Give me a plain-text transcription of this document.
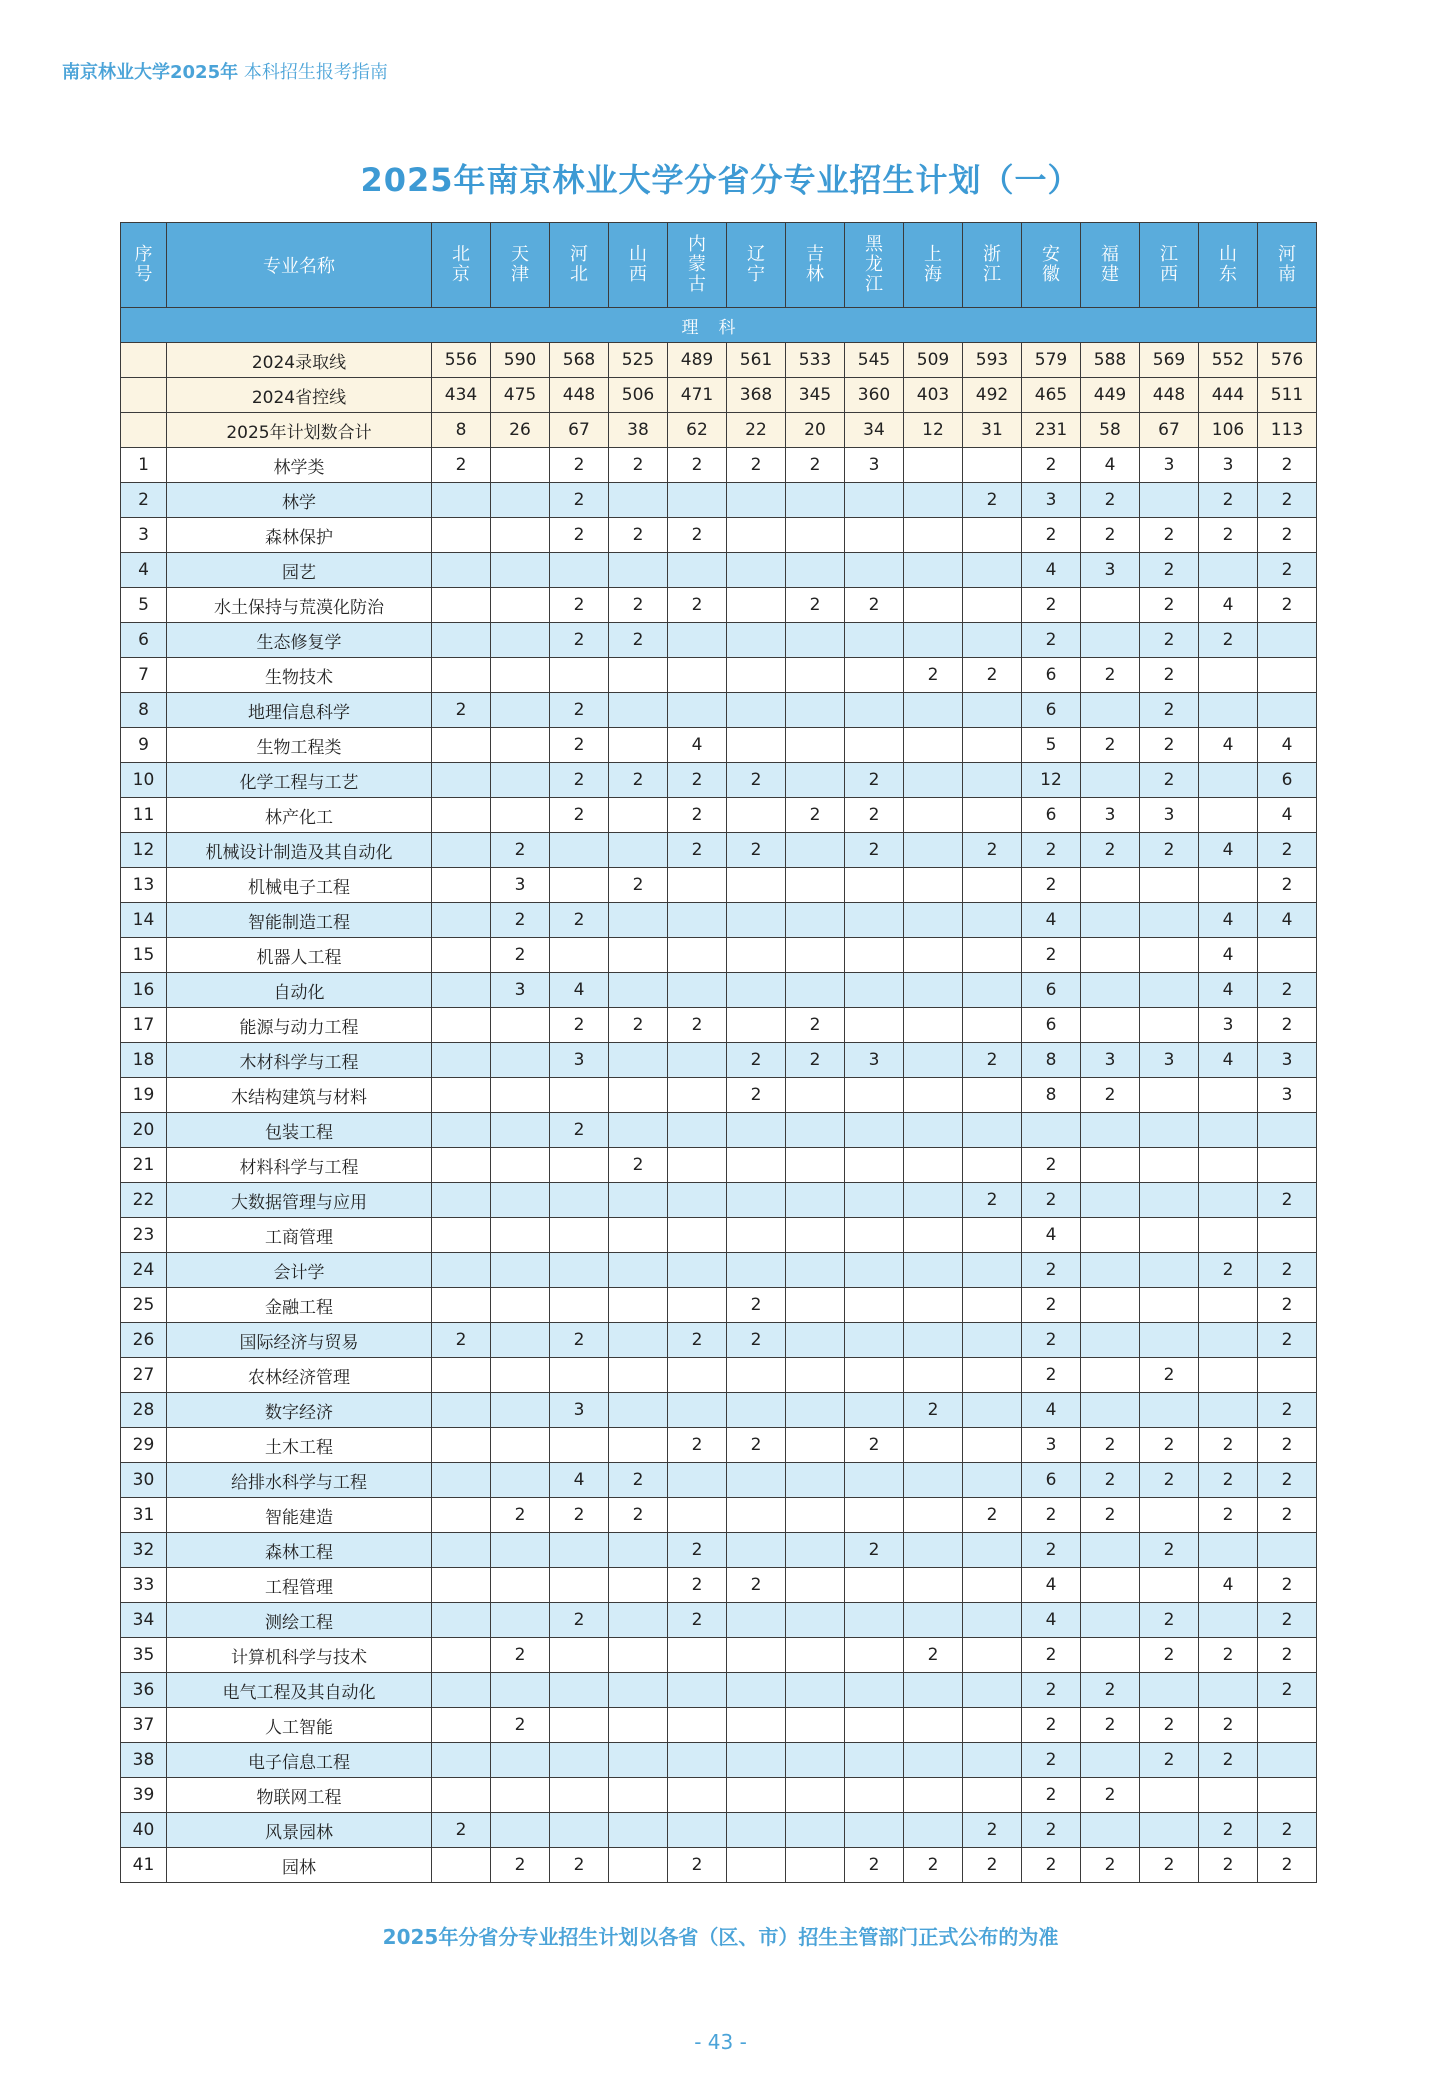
南京林业大学2025年 本科招生报考指南
2025年南京林业大学分省分专业招生计划（一）
序号	专业名称	北京	天津	河北	山西	内蒙古	辽宁	吉林	黑龙江	上海	浙江	安徽	福建	江西	山东	河南
理科																
	2024录取线	556	590	568	525	489	561	533	545	509	593	579	588	569	552	576
	2024省控线	434	475	448	506	471	368	345	360	403	492	465	449	448	444	511
	2025年计划数合计	8	26	67	38	62	22	20	34	12	31	231	58	67	106	113
1	林学类	2		2	2	2	2	2	3			2	4	3	3	2
2	林学			2							2	3	2		2	2
3	森林保护			2	2	2						2	2	2	2	2
4	园艺											4	3	2		2
5	水土保持与荒漠化防治			2	2	2		2	2			2		2	4	2
6	生态修复学			2	2							2		2	2	
7	生物技术									2	2	6	2	2		
8	地理信息科学	2		2								6		2		
9	生物工程类			2		4						5	2	2	4	4
10	化学工程与工艺			2	2	2	2		2			12		2		6
11	林产化工			2		2		2	2			6	3	3		4
12	机械设计制造及其自动化		2			2	2		2		2	2	2	2	4	2
13	机械电子工程		3		2							2				2
14	智能制造工程		2	2								4			4	4
15	机器人工程		2									2			4	
16	自动化		3	4								6			4	2
17	能源与动力工程			2	2	2		2				6			3	2
18	木材科学与工程			3			2	2	3		2	8	3	3	4	3
19	木结构建筑与材料						2					8	2			3
20	包装工程			2												
21	材料科学与工程				2							2				
22	大数据管理与应用										2	2				2
23	工商管理											4				
24	会计学											2			2	2
25	金融工程						2					2				2
26	国际经济与贸易	2		2		2	2					2				2
27	农林经济管理											2		2		
28	数字经济			3						2		4				2
29	土木工程					2	2		2			3	2	2	2	2
30	给排水科学与工程			4	2							6	2	2	2	2
31	智能建造		2	2	2						2	2	2		2	2
32	森林工程					2			2			2		2		
33	工程管理					2	2					4			4	2
34	测绘工程			2		2						4		2		2
35	计算机科学与技术		2							2		2		2	2	2
36	电气工程及其自动化											2	2			2
37	人工智能		2									2	2	2	2	
38	电子信息工程											2		2	2	
39	物联网工程											2	2			
40	风景园林	2									2	2			2	2
41	园林		2	2		2			2	2	2	2	2	2	2	2
2025年分省分专业招生计划以各省（区、市）招生主管部门正式公布的为准
- 43 -
